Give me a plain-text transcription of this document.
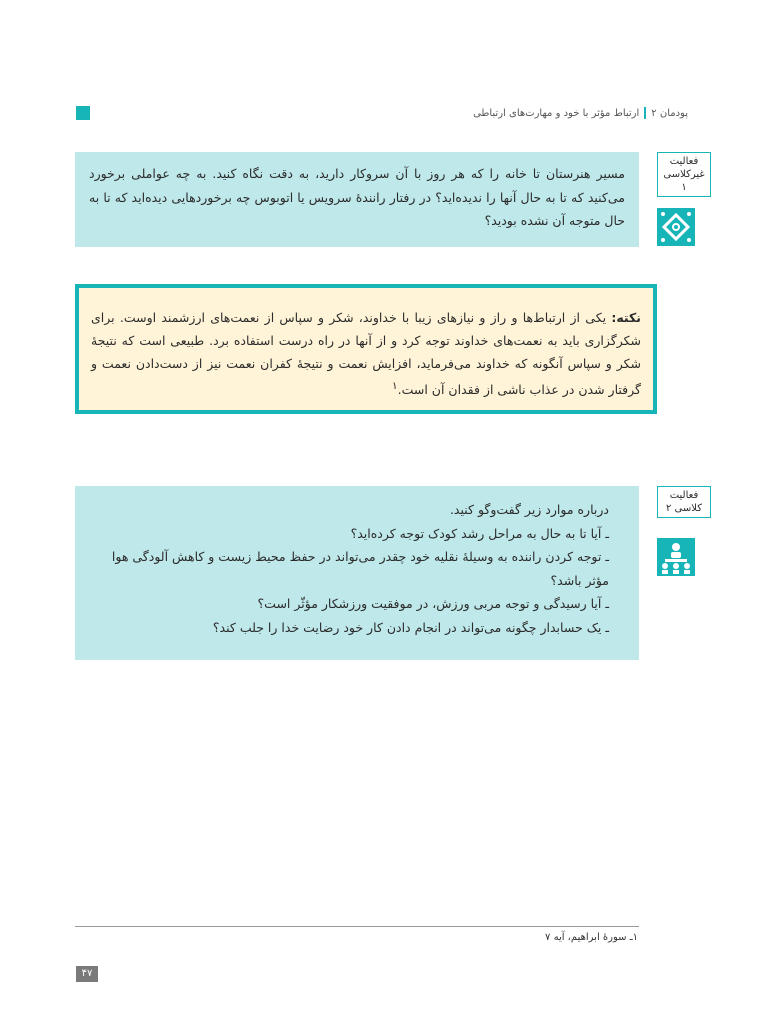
پودمان ۲
ارتباط مؤثر با خود و مهارت‌های ارتباطی
مسیر هنرستان تا خانه را که هر روز با آن سروکار دارید، به دقت نگاه کنید. به چه عواملی برخورد می‌کنید که تا به حال آنها را ندیده‌اید؟ در رفتار رانندۀ سرویس یا اتوبوس چه برخوردهایی دیده‌اید که تا به حال متوجه آن نشده بودید؟
فعالیت
غیرکلاسی
۱
نکته: یکی از ارتباط‌ها و راز و نیازهای زیبا با خداوند، شکر و سپاس از نعمت‌های ارزشمند اوست. برای شکرگزاری باید به نعمت‌های خداوند توجه کرد و از آنها در راه درست استفاده برد. طبیعی است که نتیجۀ شکر و سپاس آنگونه که خداوند می‌فرماید، افزایش نعمت و نتیجۀ کفران نعمت نیز از دست‌دادن نعمت و گرفتار شدن در عذاب ناشی از فقدان آن است.$^۱$
درباره موارد زیر گفت‌وگو کنید.
ـ آیا تا به حال به مراحل رشد کودک توجه کرده‌اید؟
ـ توجه کردن راننده به وسیلۀ نقلیه خود چقدر می‌تواند در حفظ محیط زیست و کاهش آلودگی هوا مؤثر باشد؟
ـ آیا رسیدگی و توجه مربی ورزش، در موفقیت ورزشکار مؤثّر است؟
ـ یک حسابدار چگونه می‌تواند در انجام دادن کار خود رضایت خدا را جلب کند؟
فعالیت
کلاسی ۲
۱ـ سورۀ ابراهیم، آیه ۷
۴۷
